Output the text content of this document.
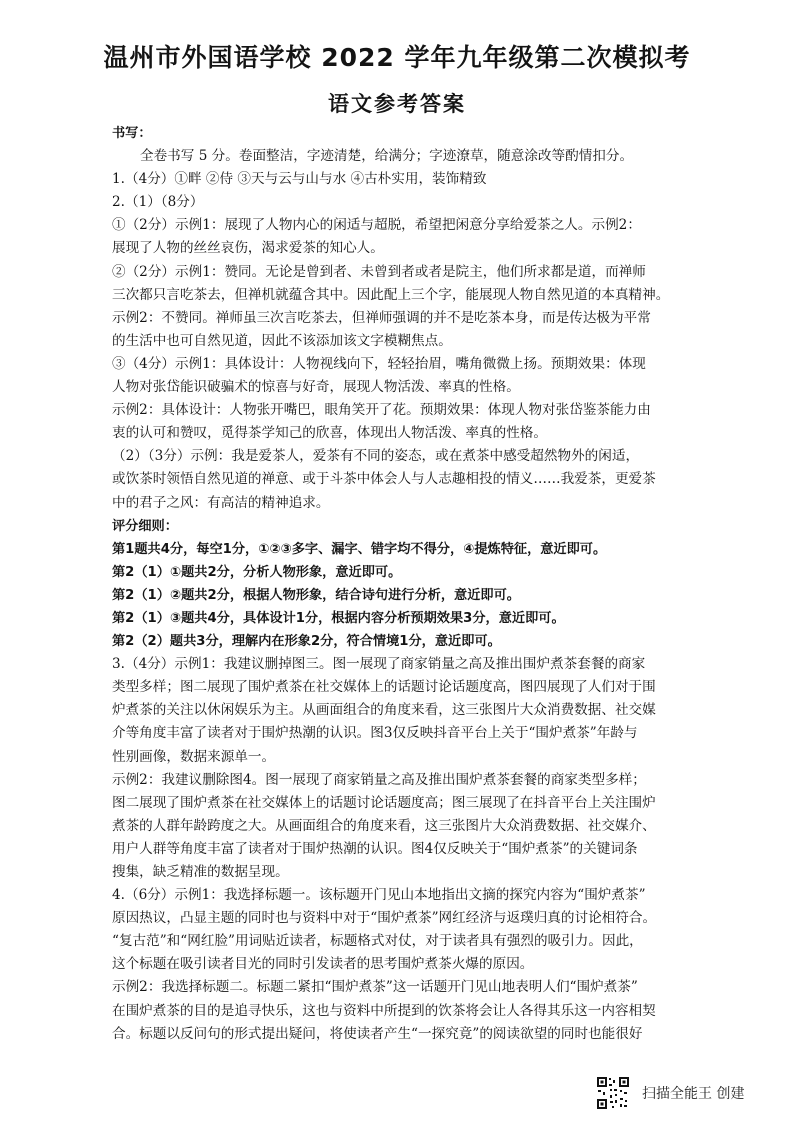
温州市外国语学校 2022 学年九年级第二次模拟考
语文参考答案
书写：
全卷书写 5 分。卷面整洁，字迹清楚，给满分；字迹潦草，随意涂改等酌情扣分。
1.（4分）①畔 ②侍 ③天与云与山与水 ④古朴实用，装饰精致
2.（1）（8分）
①（2分）示例1：展现了人物内心的闲适与超脱，希望把闲意分享给爱茶之人。示例2：
展现了人物的丝丝哀伤，渴求爱茶的知心人。
②（2分）示例1：赞同。无论是曾到者、未曾到者或者是院主，他们所求都是道，而禅师
三次都只言吃茶去，但禅机就蕴含其中。因此配上三个字，能展现人物自然见道的本真精神。
示例2：不赞同。禅师虽三次言吃茶去，但禅师强调的并不是吃茶本身，而是传达极为平常
的生活中也可自然见道，因此不该添加该文字模糊焦点。
③（4分）示例1：具体设计：人物视线向下，轻轻抬眉，嘴角微微上扬。预期效果：体现
人物对张岱能识破骗术的惊喜与好奇，展现人物活泼、率真的性格。
示例2：具体设计：人物张开嘴巴，眼角笑开了花。预期效果：体现人物对张岱鉴茶能力由
衷的认可和赞叹，觅得茶学知己的欣喜，体现出人物活泼、率真的性格。
（2）（3分）示例：我是爱茶人，爱茶有不同的姿态，或在煮茶中感受超然物外的闲适，
或饮茶时领悟自然见道的禅意、或于斗茶中体会人与人志趣相投的情义……我爱茶，更爱茶
中的君子之风：有高洁的精神追求。
评分细则：
第1题共4分，每空1分，①②③多字、漏字、错字均不得分，④提炼特征，意近即可。
第2（1）①题共2分，分析人物形象，意近即可。
第2（1）②题共2分，根据人物形象，结合诗句进行分析，意近即可。
第2（1）③题共4分，具体设计1分，根据内容分析预期效果3分，意近即可。
第2（2）题共3分，理解内在形象2分，符合情境1分，意近即可。
3.（4分）示例1：我建议删掉图三。图一展现了商家销量之高及推出围炉煮茶套餐的商家
类型多样；图二展现了围炉煮茶在社交媒体上的话题讨论话题度高，图四展现了人们对于围
炉煮茶的关注以休闲娱乐为主。从画面组合的角度来看，这三张图片大众消费数据、社交媒
介等角度丰富了读者对于围炉热潮的认识。图3仅反映抖音平台上关于“围炉煮茶”年龄与
性别画像，数据来源单一。
示例2：我建议删除图4。图一展现了商家销量之高及推出围炉煮茶套餐的商家类型多样；
图二展现了围炉煮茶在社交媒体上的话题讨论话题度高；图三展现了在抖音平台上关注围炉
煮茶的人群年龄跨度之大。从画面组合的角度来看，这三张图片大众消费数据、社交媒介、
用户人群等角度丰富了读者对于围炉热潮的认识。图4仅反映关于“围炉煮茶”的关键词条
搜集，缺乏精准的数据呈现。
4.（6分）示例1：我选择标题一。该标题开门见山本地指出文摘的探究内容为“围炉煮茶”
原因热议，凸显主题的同时也与资料中对于“围炉煮茶”网红经济与返璞归真的讨论相符合。
“复古范”和“网红脸”用词贴近读者，标题格式对仗，对于读者具有强烈的吸引力。因此，
这个标题在吸引读者目光的同时引发读者的思考围炉煮茶火爆的原因。
示例2：我选择标题二。标题二紧扣“围炉煮茶”这一话题开门见山地表明人们“围炉煮茶”
在围炉煮茶的目的是追寻快乐，这也与资料中所提到的饮茶将会让人各得其乐这一内容相契
合。标题以反问句的形式提出疑问，将使读者产生“一探究竟”的阅读欲望的同时也能很好
扫描全能王 创建
